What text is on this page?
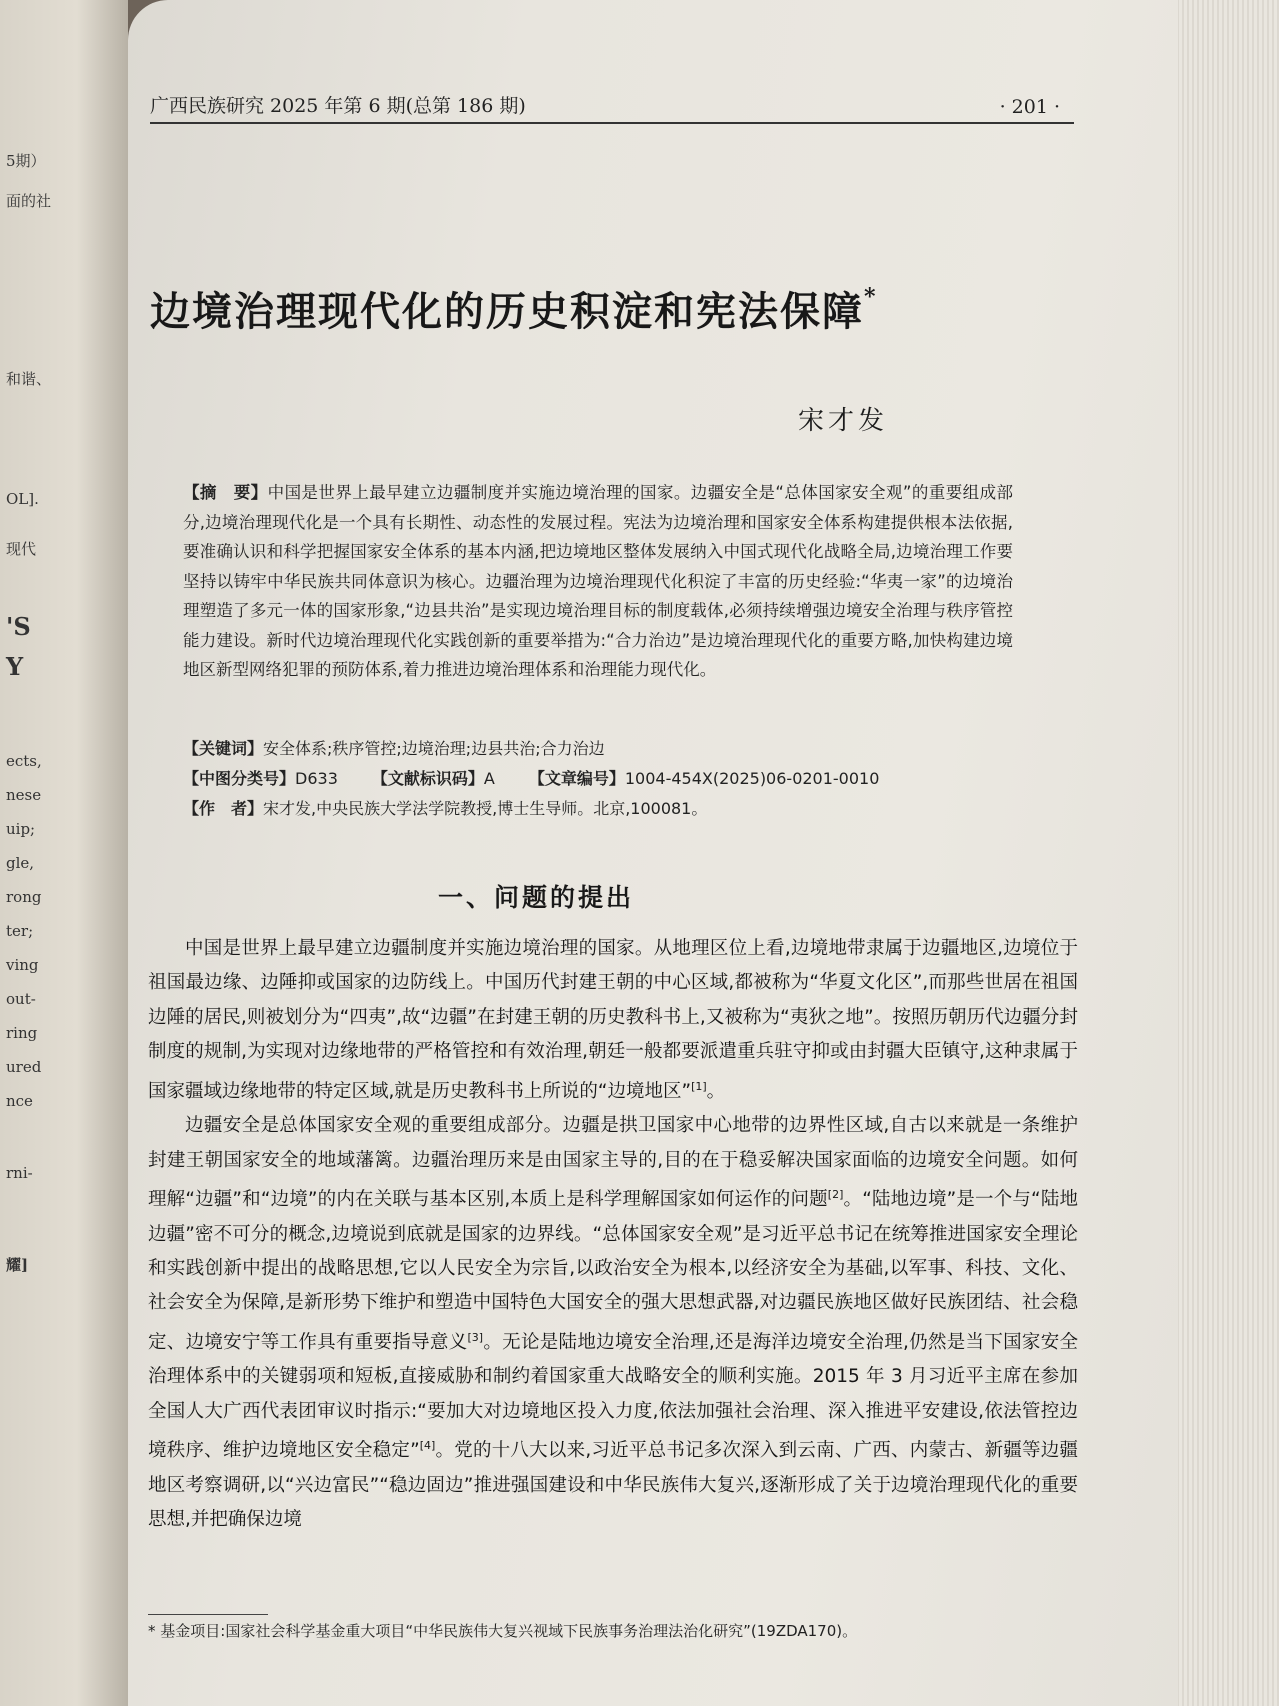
5期）
面的社
和谐、
OL].
现代
'S
Y
ects,
nese
uip;
gle,
rong
ter;
ving
out-
ring
ured
nce
rni-
耀]
广西民族研究 2025 年第 6 期(总第 186 期)	· 201 ·
边境治理现代化的历史积淀和宪法保障*
宋才发
【摘　要】中国是世界上最早建立边疆制度并实施边境治理的国家。边疆安全是“总体国家安全观”的重要组成部分,边境治理现代化是一个具有长期性、动态性的发展过程。宪法为边境治理和国家安全体系构建提供根本法依据,要准确认识和科学把握国家安全体系的基本内涵,把边境地区整体发展纳入中国式现代化战略全局,边境治理工作要坚持以铸牢中华民族共同体意识为核心。边疆治理为边境治理现代化积淀了丰富的历史经验:“华夷一家”的边境治理塑造了多元一体的国家形象,“边县共治”是实现边境治理目标的制度载体,必须持续增强边境安全治理与秩序管控能力建设。新时代边境治理现代化实践创新的重要举措为:“合力治边”是边境治理现代化的重要方略,加快构建边境地区新型网络犯罪的预防体系,着力推进边境治理体系和治理能力现代化。
【关键词】安全体系;秩序管控;边境治理;边县共治;合力治边
【中图分类号】D633 【文献标识码】A 【文章编号】1004-454X(2025)06-0201-0010
【作　者】宋才发,中央民族大学法学院教授,博士生导师。北京,100081。
一、问题的提出

中国是世界上最早建立边疆制度并实施边境治理的国家。从地理区位上看,边境地带隶属于边疆地区,边境位于祖国最边缘、边陲抑或国家的边防线上。中国历代封建王朝的中心区域,都被称为“华夏文化区”,而那些世居在祖国边陲的居民,则被划分为“四夷”,故“边疆”在封建王朝的历史教科书上,又被称为“夷狄之地”。按照历朝历代边疆分封制度的规制,为实现对边缘地带的严格管控和有效治理,朝廷一般都要派遣重兵驻守抑或由封疆大臣镇守,这种隶属于国家疆域边缘地带的特定区域,就是历史教科书上所说的“边境地区”[1]。

边疆安全是总体国家安全观的重要组成部分。边疆是拱卫国家中心地带的边界性区域,自古以来就是一条维护封建王朝国家安全的地域藩篱。边疆治理历来是由国家主导的,目的在于稳妥解决国家面临的边境安全问题。如何理解“边疆”和“边境”的内在关联与基本区别,本质上是科学理解国家如何运作的问题[2]。“陆地边境”是一个与“陆地边疆”密不可分的概念,边境说到底就是国家的边界线。“总体国家安全观”是习近平总书记在统筹推进国家安全理论和实践创新中提出的战略思想,它以人民安全为宗旨,以政治安全为根本,以经济安全为基础,以军事、科技、文化、社会安全为保障,是新形势下维护和塑造中国特色大国安全的强大思想武器,对边疆民族地区做好民族团结、社会稳定、边境安宁等工作具有重要指导意义[3]。无论是陆地边境安全治理,还是海洋边境安全治理,仍然是当下国家安全治理体系中的关键弱项和短板,直接威胁和制约着国家重大战略安全的顺利实施。2015 年 3 月习近平主席在参加全国人大广西代表团审议时指示:“要加大对边境地区投入力度,依法加强社会治理、深入推进平安建设,依法管控边境秩序、维护边境地区安全稳定”[4]。党的十八大以来,习近平总书记多次深入到云南、广西、内蒙古、新疆等边疆地区考察调研,以“兴边富民”“稳边固边”推进强国建设和中华民族伟大复兴,逐渐形成了关于边境治理现代化的重要思想,并把确保边境

* 基金项目:国家社会科学基金重大项目“中华民族伟大复兴视域下民族事务治理法治化研究”(19ZDA170)。
